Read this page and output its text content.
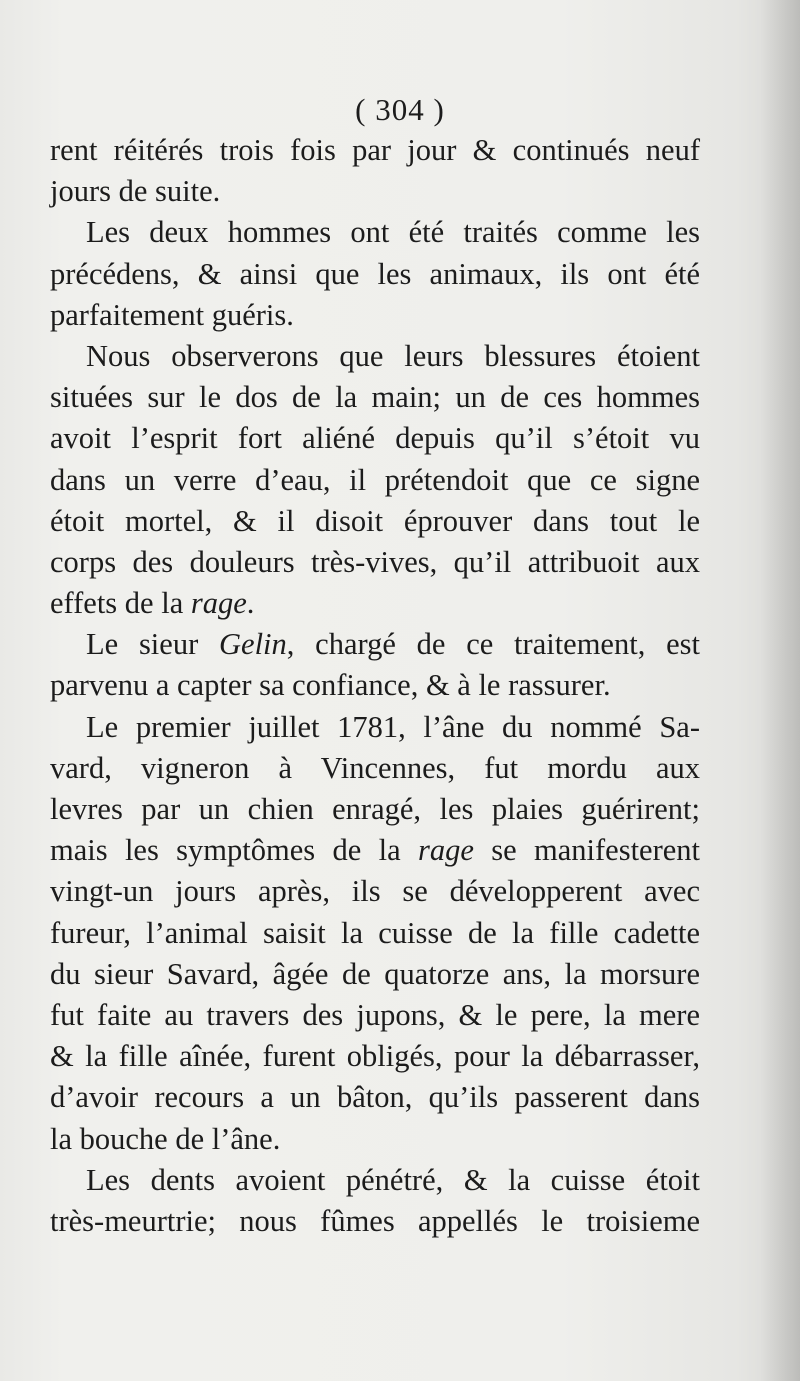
( 304 )
rent réitérés trois fois par jour & continués neuf
jours de suite.
Les deux hommes ont été traités comme les
précédens, & ainsi que les animaux, ils ont été
parfaitement guéris.
Nous observerons que leurs blessures étoient
situées sur le dos de la main; un de ces hommes
avoit l’esprit fort aliéné depuis qu’il s’étoit vu
dans un verre d’eau, il prétendoit que ce signe
étoit mortel, & il disoit éprouver dans tout le
corps des douleurs très-vives, qu’il attribuoit aux
effets de la rage.
Le sieur Gelin, chargé de ce traitement, est
parvenu a capter sa confiance, & à le rassurer.
Le premier juillet 1781, l’âne du nommé Sa-
vard, vigneron à Vincennes, fut mordu aux
levres par un chien enragé, les plaies guérirent;
mais les symptômes de la rage se manifesterent
vingt-un jours après, ils se développerent avec
fureur, l’animal saisit la cuisse de la fille cadette
du sieur Savard, âgée de quatorze ans, la morsure
fut faite au travers des jupons, & le pere, la mere
& la fille aînée, furent obligés, pour la débarrasser,
d’avoir recours a un bâton, qu’ils passerent dans
la bouche de l’âne.
Les dents avoient pénétré, & la cuisse étoit
très-meurtrie; nous fûmes appellés le troisieme
